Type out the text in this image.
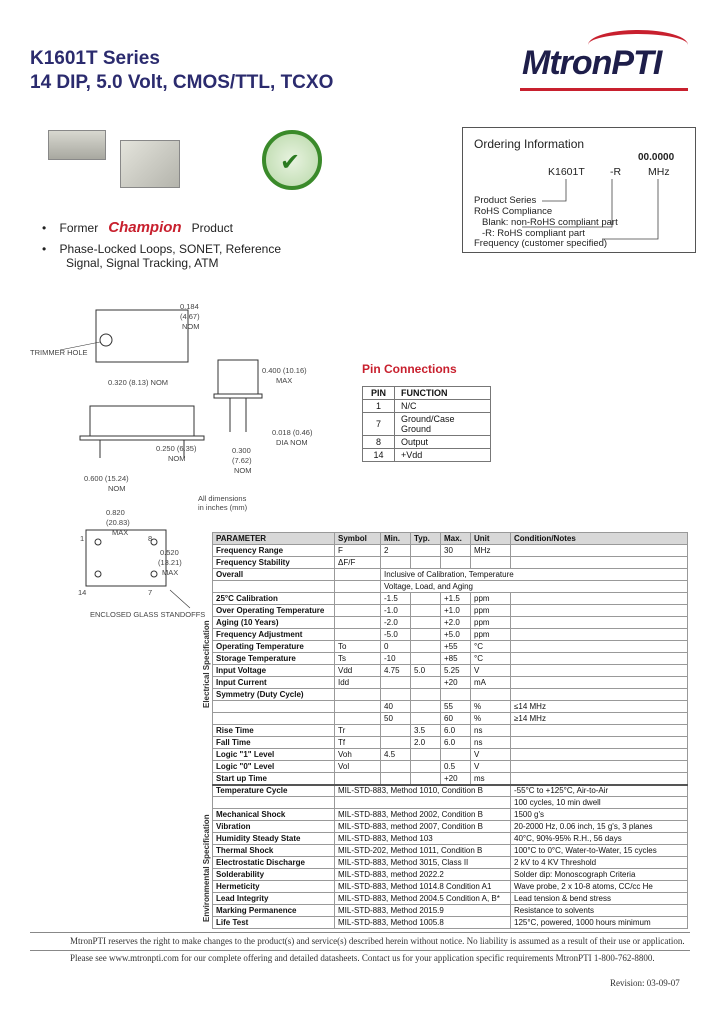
K1601T Series
14 DIP, 5.0 Volt, CMOS/TTL, TCXO
MtronPTI
✔
•    Former Champion Product
•    Phase-Locked Loops, SONET, Reference
Signal, Signal Tracking, ATM
Ordering Information
00.0000
K1601T -R	MHz
Product Series
RoHS Compliance
Blank: non-RoHS compliant part
-R: RoHS compliant part
Frequency (customer specified)
0.184
(4.67)
NOM
TRIMMER HOLE
0.320 (8.13) NOM
0.400 (10.16)
MAX
0.018 (0.46)
DIA NOM
0.250 (6.35)
NOM
0.300
(7.62)
NOM
0.600 (15.24)
NOM
All dimensions
in inches (mm)
0.820
(20.83)
MAX
1	8
14	7
0.520
(13.21)
MAX
ENCLOSED GLASS STANDOFFS
Pin Connections
PIN	FUNCTION
1	N/C
7	Ground/Case Ground
8	Output
14	+Vdd
Electrical Specification
Environmental Specification
PARAMETER	Symbol	Min.	Typ.	Max.	Unit	Condition/Notes
Frequency Range	F	2		30	MHz	
Frequency Stability	ΔF/F					
Overall		Inclusive of Calibration, Temperature				
		Voltage, Load, and Aging				
25°C Calibration		-1.5		+1.5	ppm	
Over Operating Temperature		-1.0		+1.0	ppm	
Aging (10 Years)		-2.0		+2.0	ppm	
Frequency Adjustment		-5.0		+5.0	ppm	
Operating Temperature	To	0		+55	°C	
Storage Temperature	Ts	-10		+85	°C	
Input Voltage	Vdd	4.75	5.0	5.25	V	
Input Current	Idd			+20	mA	
Symmetry (Duty Cycle)						
		40		55	%	≤14 MHz
		50		60	%	≥14 MHz
Rise Time	Tr		3.5	6.0	ns	
Fall Time	Tf		2.0	6.0	ns	
Logic "1" Level	Voh	4.5			V	
Logic "0" Level	Vol			0.5	V	
Start up Time				+20	ms	
Temperature Cycle	MIL-STD-883, Method 1010, Condition B					-55°C to +125°C, Air-to-Air
						100 cycles, 10 min dwell
Mechanical Shock	MIL-STD-883, Method 2002, Condition B					1500 g's
Vibration	MIL-STD-883, method 2007, Condition B					20-2000 Hz, 0.06 inch, 15 g's, 3 planes
Humidity Steady State	MIL-STD-883, Method 103					40°C, 90%-95% R.H., 56 days
Thermal Shock	MIL-STD-202, Method 1011, Condition B					100°C to 0°C, Water-to-Water, 15 cycles
Electrostatic Discharge	MIL-STD-883, Method 3015, Class II					2 kV to 4 KV Threshold
Solderability	MIL-STD-883, method 2022.2					Solder dip: Monoscograph Criteria
Hermeticity	MIL-STD-883, Method 1014.8 Condition A1					Wave probe, 2 x 10-8 atoms, CC/cc He
Lead Integrity	MIL-STD-883, Method 2004.5 Condition A, B*					Lead tension & bend stress
Marking Permanence	MIL-STD-883, Method 2015.9					Resistance to solvents
Life Test	MIL-STD-883, Method 1005.8					125°C, powered, 1000 hours minimum
MtronPTI reserves the right to make changes to the product(s) and service(s) described herein without notice. No liability is assumed as a result of their use or application.
Please see www.mtronpti.com for our complete offering and detailed datasheets. Contact us for your application specific requirements MtronPTI 1-800-762-8800.
Revision: 03-09-07
